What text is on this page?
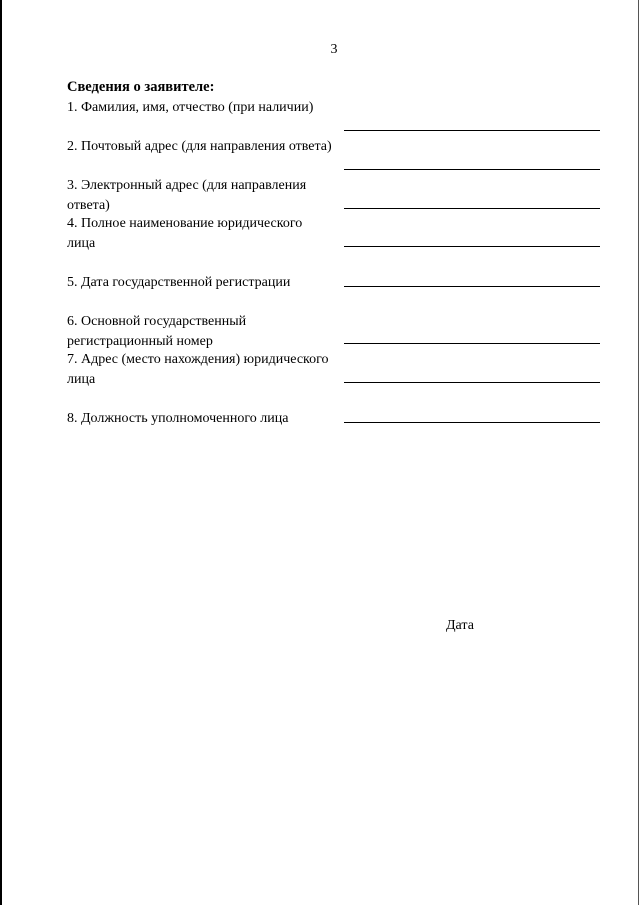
3
Сведения о заявителе:

1. Фамилия, имя, отчество (при наличии)

2. Почтовый адрес (для направления ответа)

3. Электронный адрес (для направления ответа)

4. Полное наименование юридического лица

5. Дата государственной регистрации

6. Основной государственный регистрационный номер

7. Адрес (место нахождения) юридического лица

8. Должность уполномоченного лица

Дата
